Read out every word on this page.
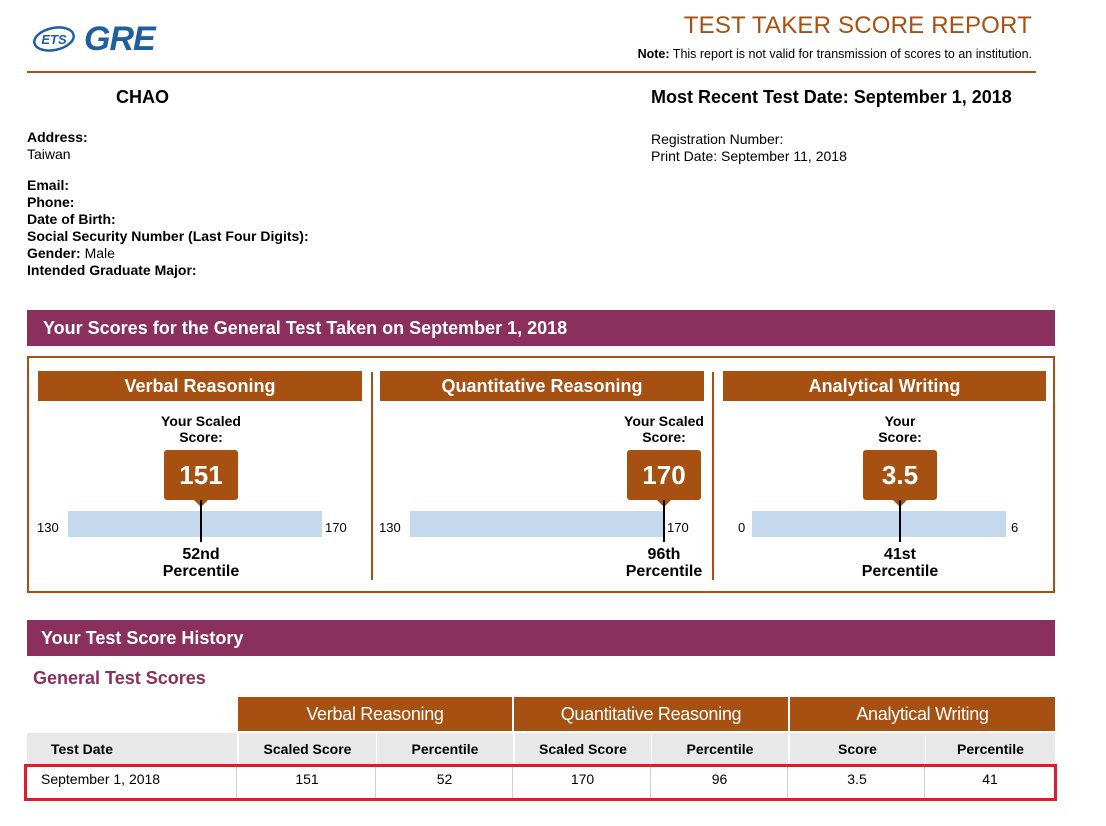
ETS GRE	TEST TAKER SCORE REPORT
Note: This report is not valid for transmission of scores to an institution.
CHAO	Most Recent Test Date: September 1, 2018
Address:
Taiwan
Email:
Phone:
Date of Birth:
Social Security Number (Last Four Digits):
Gender: Male
Intended Graduate Major:
Registration Number:
Print Date: September 11, 2018
Your Scores for the General Test Taken on September 1, 2018
Verbal Reasoning
Your Scaled
Score:
151
130	170
52nd
Percentile
Quantitative Reasoning
Your Scaled
Score:
170
130	170
96th
Percentile
Analytical Writing
Your
Score:
3.5
0	6
41st
Percentile
Your Test Score History
General Test Scores
Verbal Reasoning	Quantitative Reasoning	Analytical Writing
Test Date	Scaled Score	Percentile	Scaled Score	Percentile	Score	Percentile
September 1, 2018	151	52	170	96	3.5	41
